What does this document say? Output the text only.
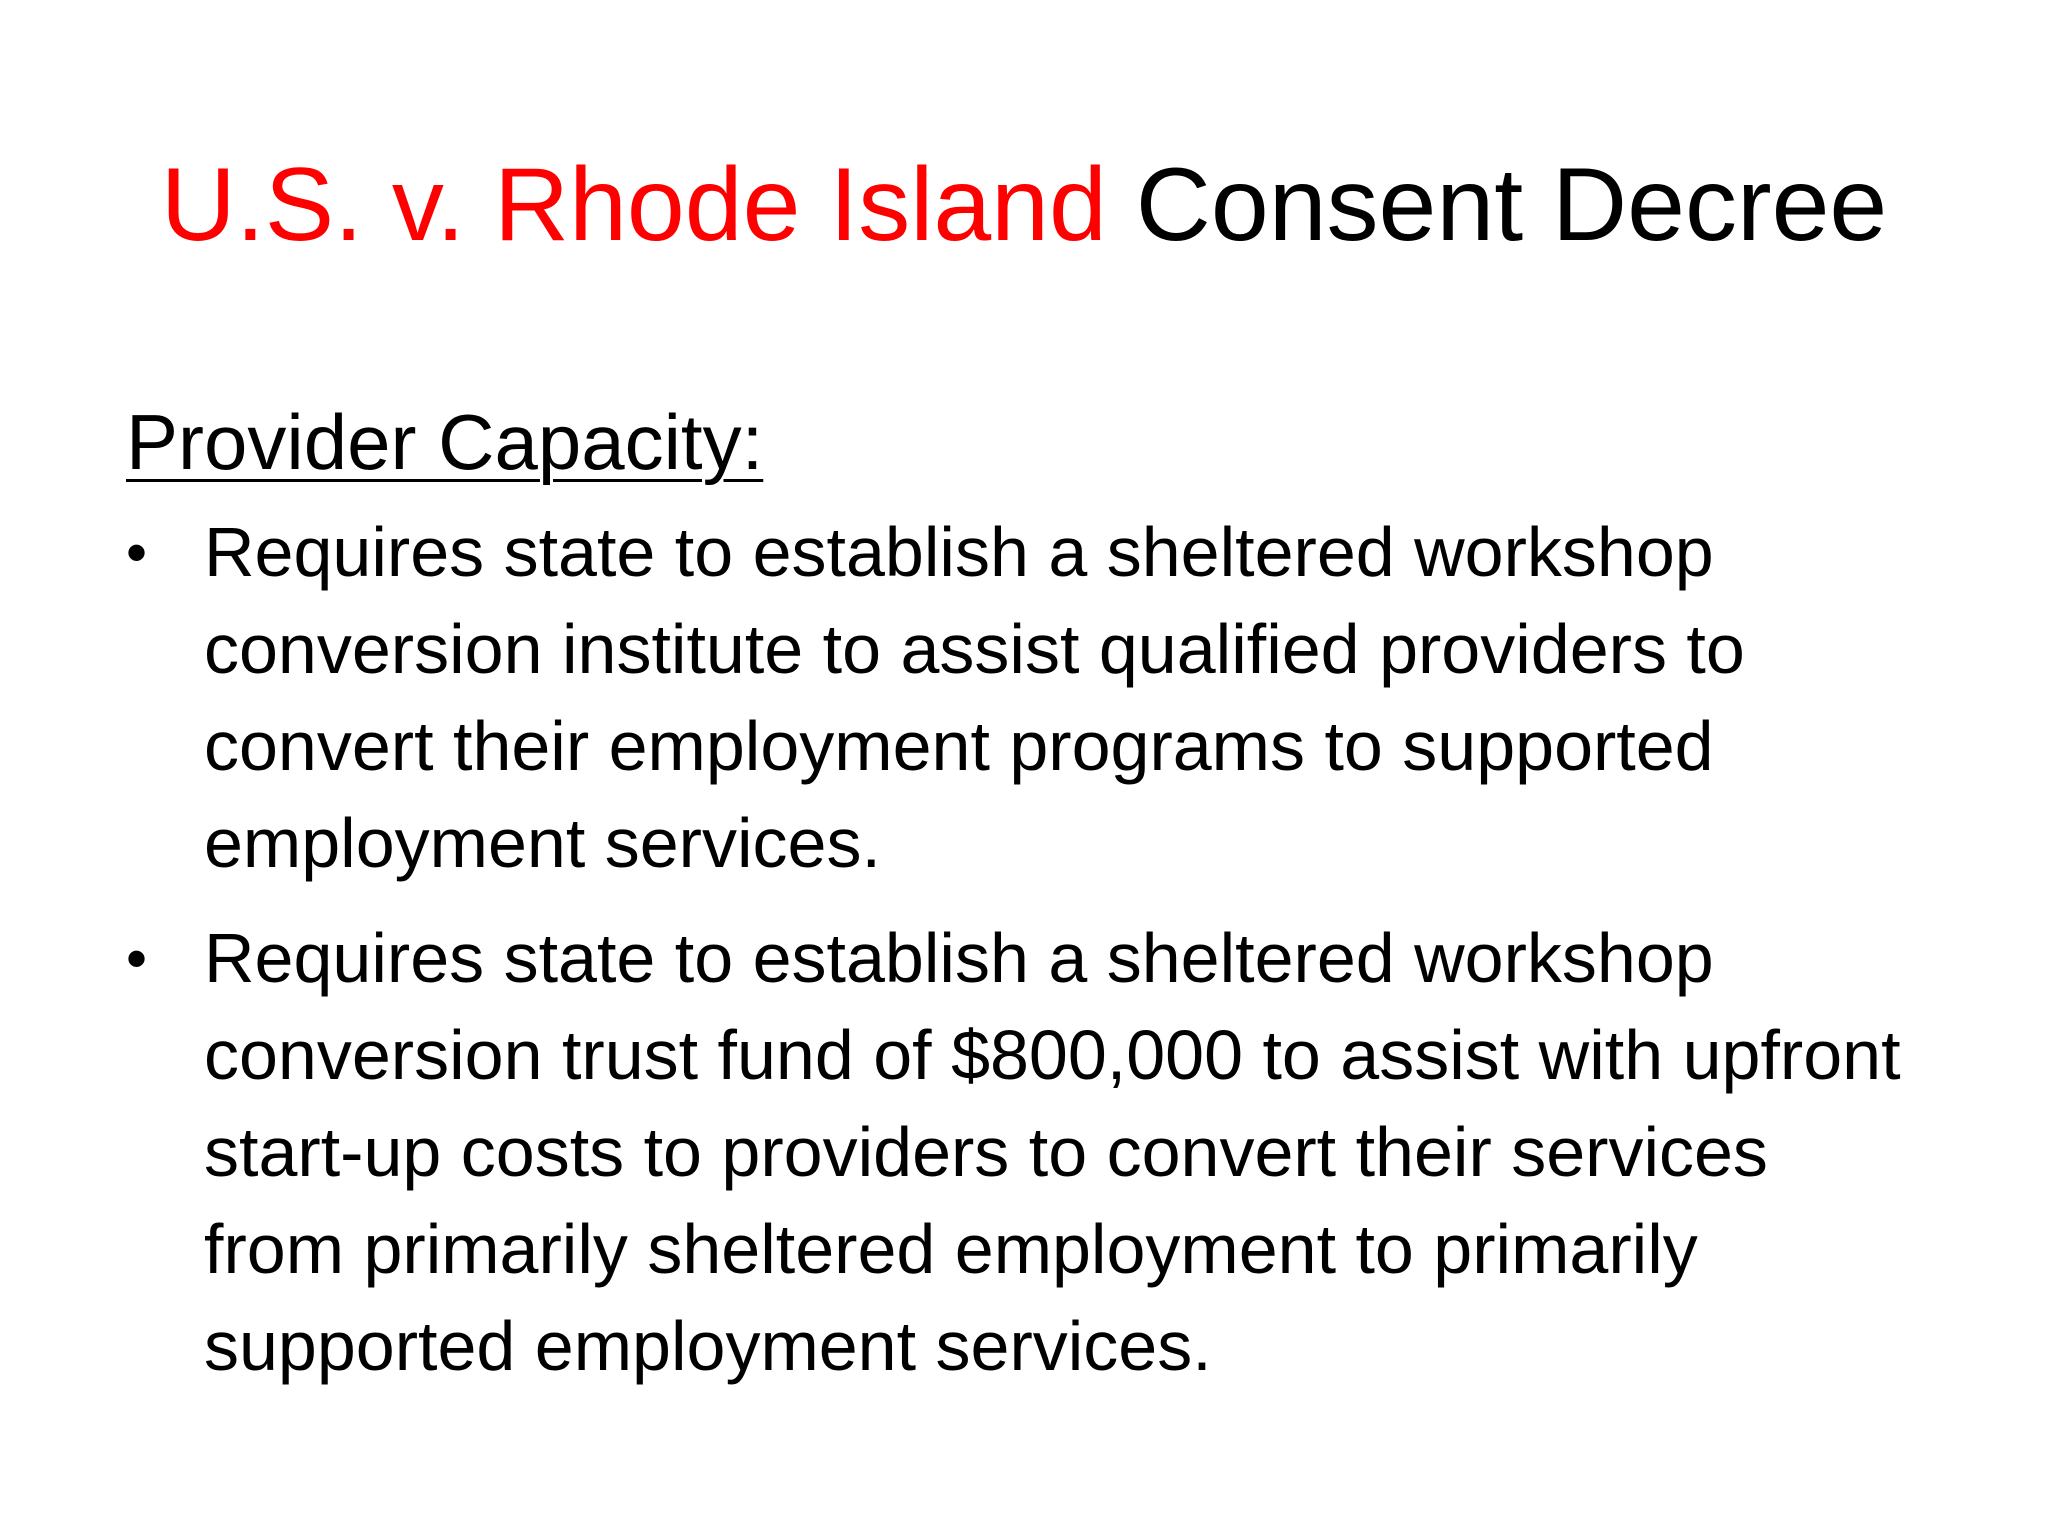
U.S. v. Rhode Island Consent Decree
Provider Capacity:
• Requires state to establish a sheltered workshop conversion institute to assist qualified providers to convert their employment programs to supported employment services.
• Requires state to establish a sheltered workshop conversion trust fund of $800,000 to assist with upfront start-up costs to providers to convert their services from primarily sheltered employment to primarily supported employment services.
